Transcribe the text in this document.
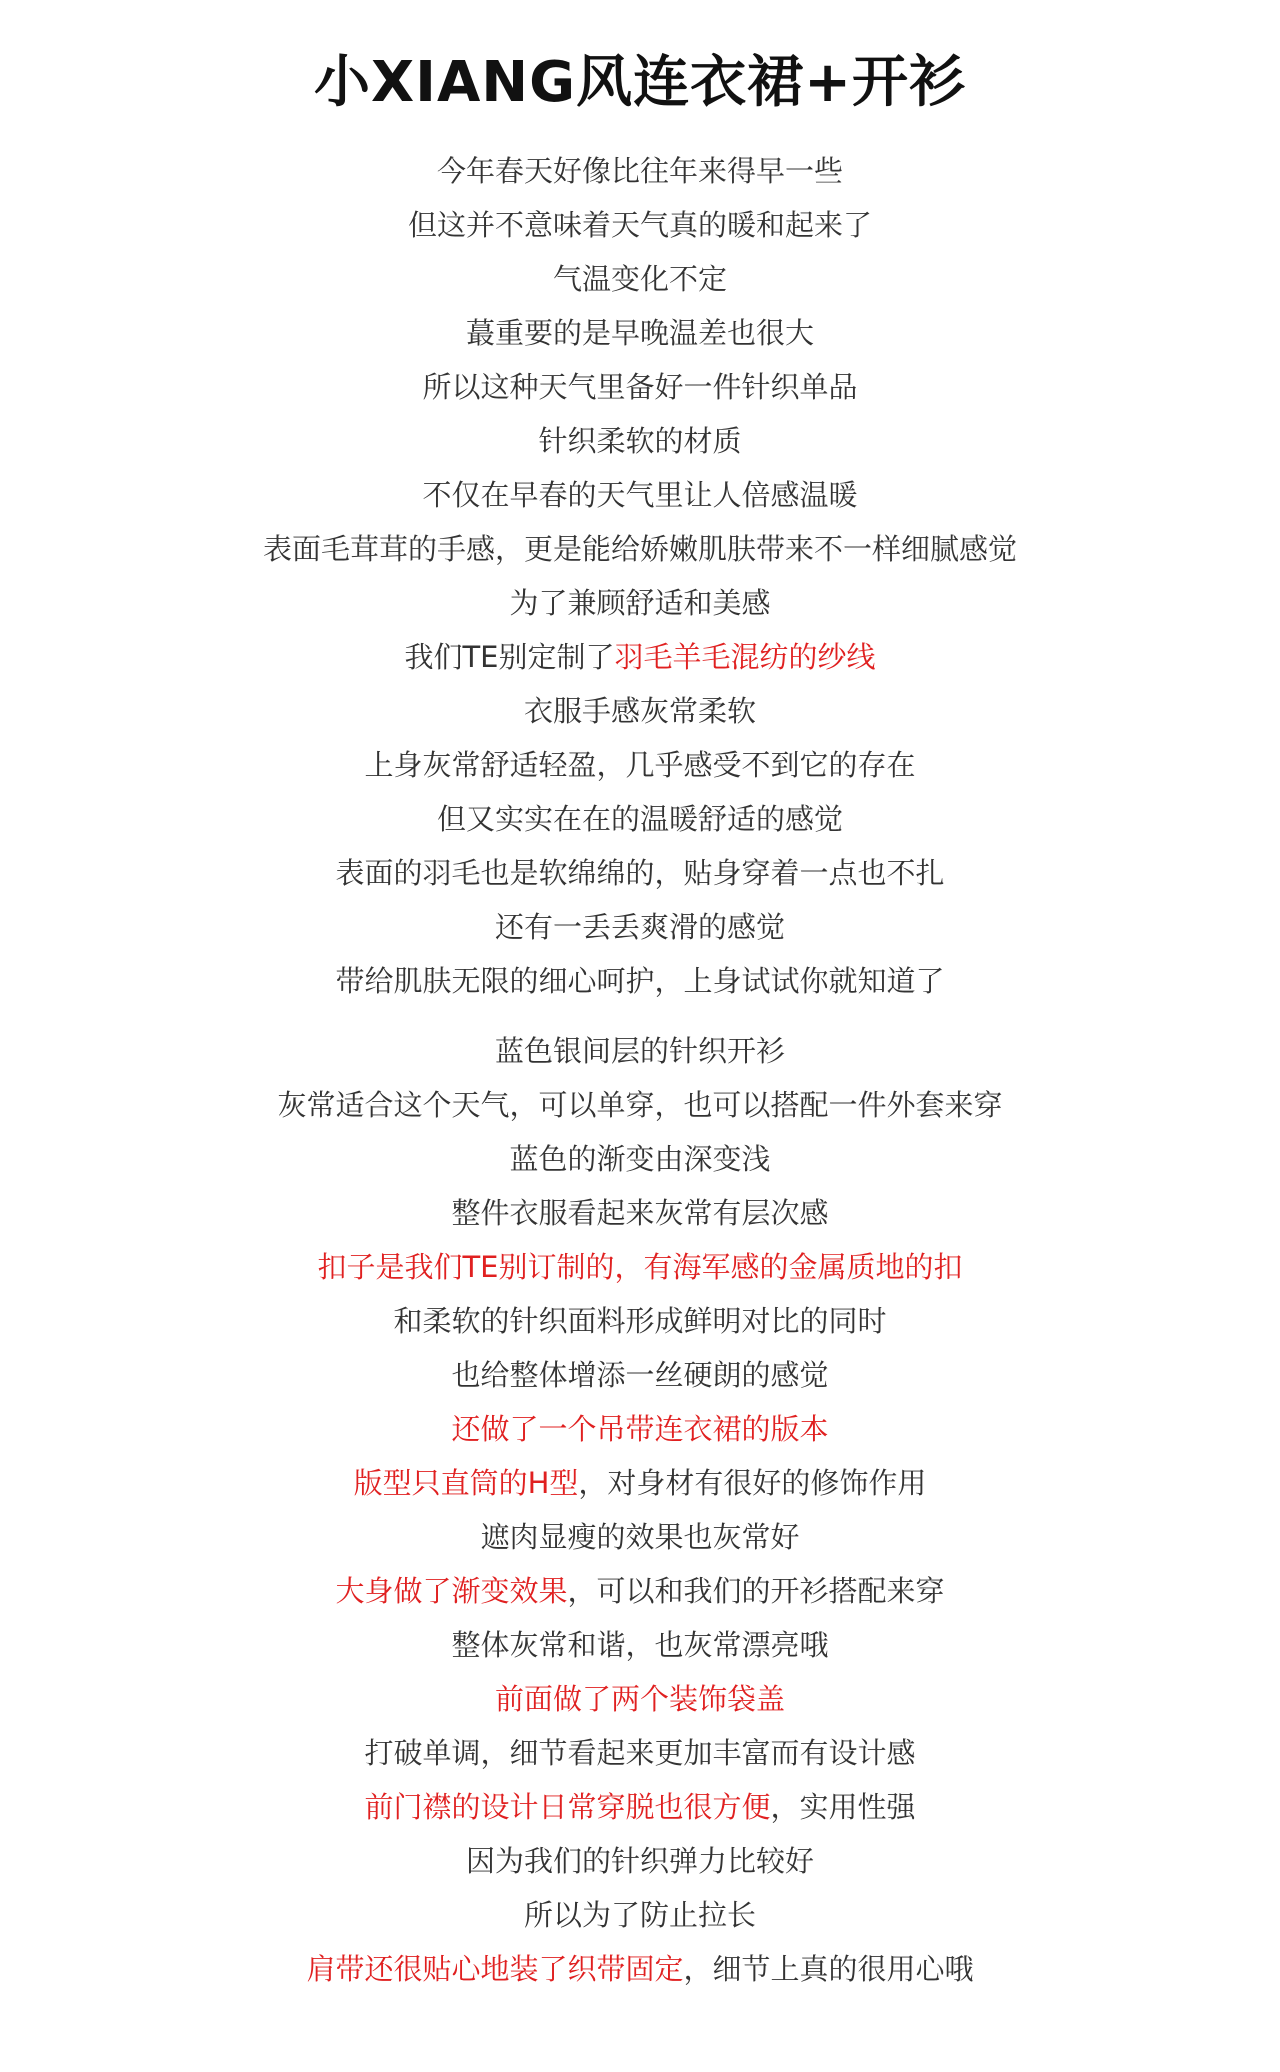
小XIANG风连衣裙+开衫
今年春天好像比往年来得早一些
但这并不意味着天气真的暖和起来了
气温变化不定
蕞重要的是早晚温差也很大
所以这种天气里备好一件针织单品
针织柔软的材质
不仅在早春的天气里让人倍感温暖
表面毛茸茸的手感，更是能给娇嫩肌肤带来不一样细腻感觉
为了兼顾舒适和美感
我们TE别定制了羽毛羊毛混纺的纱线
衣服手感灰常柔软
上身灰常舒适轻盈，几乎感受不到它的存在
但又实实在在的温暖舒适的感觉
表面的羽毛也是软绵绵的，贴身穿着一点也不扎
还有一丢丢爽滑的感觉
带给肌肤无限的细心呵护，上身试试你就知道了
蓝色银间层的针织开衫
灰常适合这个天气，可以单穿，也可以搭配一件外套来穿
蓝色的渐变由深变浅
整件衣服看起来灰常有层次感
扣子是我们TE别订制的，有海军感的金属质地的扣
和柔软的针织面料形成鲜明对比的同时
也给整体增添一丝硬朗的感觉
还做了一个吊带连衣裙的版本
版型只直筒的H型，对身材有很好的修饰作用
遮肉显瘦的效果也灰常好
大身做了渐变效果，可以和我们的开衫搭配来穿
整体灰常和谐，也灰常漂亮哦
前面做了两个装饰袋盖
打破单调，细节看起来更加丰富而有设计感
前门襟的设计日常穿脱也很方便，实用性强
因为我们的针织弹力比较好
所以为了防止拉长
肩带还很贴心地装了织带固定，细节上真的很用心哦
